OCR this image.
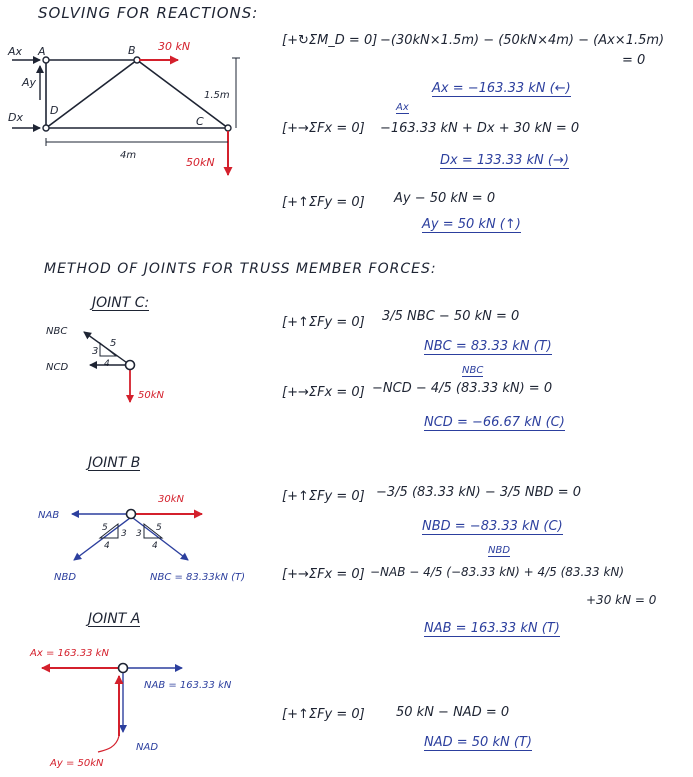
SOLVING FOR REACTIONS:
METHOD OF JOINTS FOR TRUSS MEMBER FORCES:
Ax A
Ay
Dx
D
B
C
30 kN
50kN
1.5m
4m
[+↻ΣM_D = 0] −(30kN×1.5m) − (50kN×4m) − (Ax×1.5m)
= 0
Ax = −163.33 kN (←)
Ax
[+→ΣFx = 0] −163.33 kN + Dx + 30 kN = 0
Dx = 133.33 kN (→)
[+↑ΣFy = 0] Ay − 50 kN = 0
Ay = 50 kN (↑)
JOINT C:
3
4
5
NBC
NCD
50kN
[+↑ΣFy = 0] 3/5 NBC − 50 kN = 0
NBC = 83.33 kN (T)
NBC
[+→ΣFx = 0] −NCD − 4/5 (83.33 kN) = 0
NCD = −66.67 kN (C)
JOINT B
5
3
4
5
3
4
NAB
30kN
NBD	NBC = 83.33kN (T)
[+↑ΣFy = 0] −3/5 (83.33 kN) − 3/5 NBD = 0
NBD = −83.33 kN (C)
NBD
[+→ΣFx = 0] −NAB − 4/5 (−83.33 kN) + 4/5 (83.33 kN)
+30 kN = 0
NAB = 163.33 kN (T)
JOINT A
Ax = 163.33 kN
NAB = 163.33 kN
NAD
Ay = 50kN
[+↑ΣFy = 0] 50 kN − NAD = 0
NAD = 50 kN (T)
